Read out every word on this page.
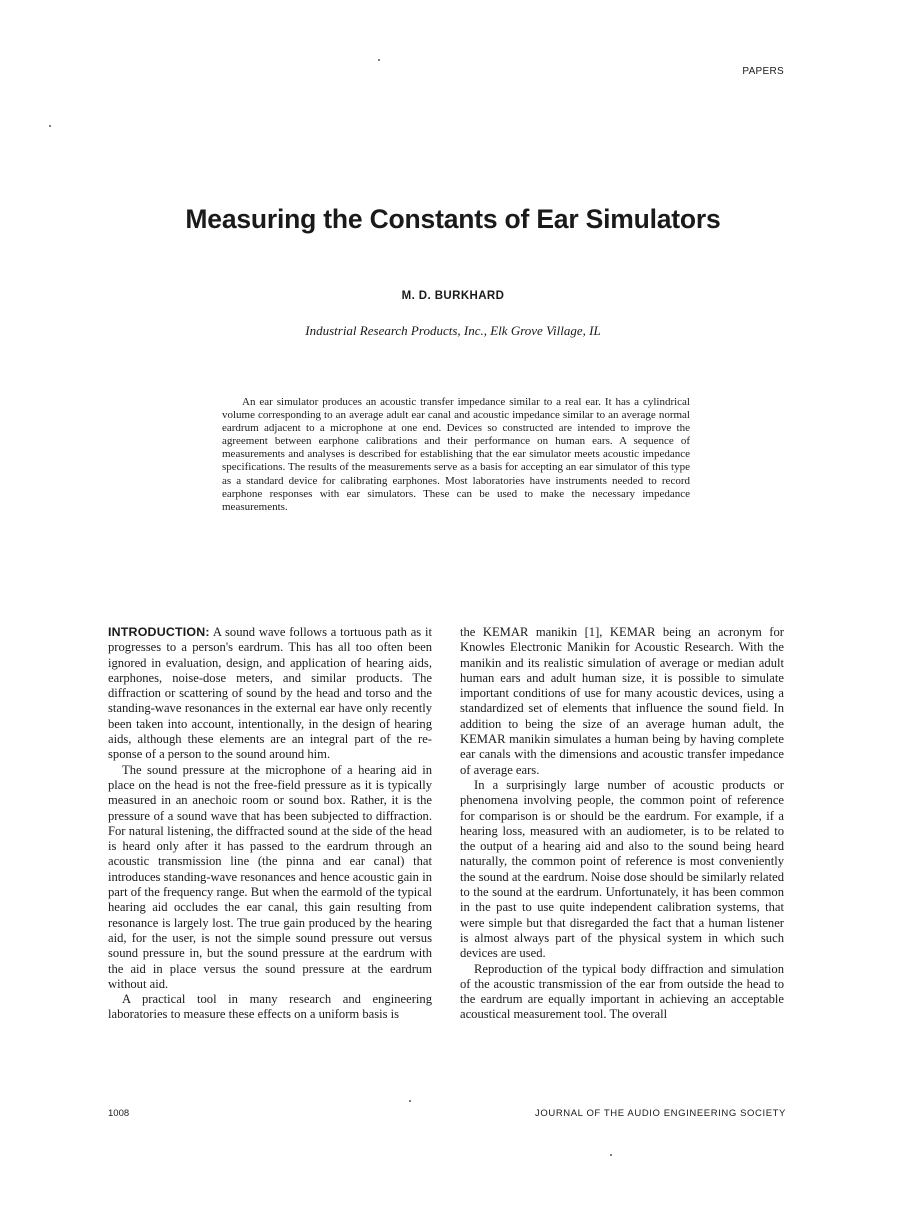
PAPERS
Measuring the Constants of Ear Simulators
M. D. BURKHARD
Industrial Research Products, Inc., Elk Grove Village, IL

An ear simulator produces an acoustic transfer impedance similar to a real ear. It has a cylindrical volume corresponding to an average adult ear canal and acoustic impedance similar to an average normal eardrum adjacent to a microphone at one end. Devices so constructed are intended to improve the agreement between earphone calibrations and their performance on human ears. A sequence of measurements and analyses is described for establishing that the ear simulator meets acoustic impedance specifications. The results of the measurements serve as a basis for accepting an ear simulator of this type as a standard device for calibrating earphones. Most laboratories have instruments needed to record earphone responses with ear simulators. These can be used to make the necessary impedance measurements.

INTRODUCTION: A sound wave follows a tortuous path as it progresses to a person's eardrum. This has all too often been ignored in evaluation, design, and application of hearing aids, earphones, noise-dose meters, and similar products. The diffraction or scattering of sound by the head and torso and the standing-wave resonances in the external ear have only recently been taken into account, intentionally, in the design of hearing aids, although these elements are an integral part of the response of a person to the sound around him.

The sound pressure at the microphone of a hearing aid in place on the head is not the free-field pressure as it is typically measured in an anechoic room or sound box. Rather, it is the pressure of a sound wave that has been subjected to diffraction. For natural listening, the diffracted sound at the side of the head is heard only after it has passed to the eardrum through an acoustic transmission line (the pinna and ear canal) that introduces standing-wave resonances and hence acoustic gain in part of the frequency range. But when the earmold of the typical hearing aid occludes the ear canal, this gain resulting from resonance is largely lost. The true gain produced by the hearing aid, for the user, is not the simple sound pressure out versus sound pressure in, but the sound pressure at the eardrum with the aid in place versus the sound pressure at the eardrum without aid.

A practical tool in many research and engineering laboratories to measure these effects on a uniform basis is

the KEMAR manikin [1], KEMAR being an acronym for Knowles Electronic Manikin for Acoustic Research. With the manikin and its realistic simulation of average or median adult human ears and adult human size, it is possible to simulate important conditions of use for many acoustic devices, using a standardized set of elements that influence the sound field. In addition to being the size of an average human adult, the KEMAR manikin simulates a human being by having complete ear canals with the dimensions and acoustic transfer impedance of average ears.

In a surprisingly large number of acoustic products or phenomena involving people, the common point of reference for comparison is or should be the eardrum. For example, if a hearing loss, measured with an audiometer, is to be related to the output of a hearing aid and also to the sound being heard naturally, the common point of reference is most conveniently the sound at the eardrum. Noise dose should be similarly related to the sound at the eardrum. Unfortunately, it has been common in the past to use quite independent calibration systems, that were simple but that disregarded the fact that a human listener is almost always part of the physical system in which such devices are used.

Reproduction of the typical body diffraction and simulation of the acoustic transmission of the ear from outside the head to the eardrum are equally important in achieving an acceptable acoustical measurement tool. The overall

1008	JOURNAL OF THE AUDIO ENGINEERING SOCIETY
